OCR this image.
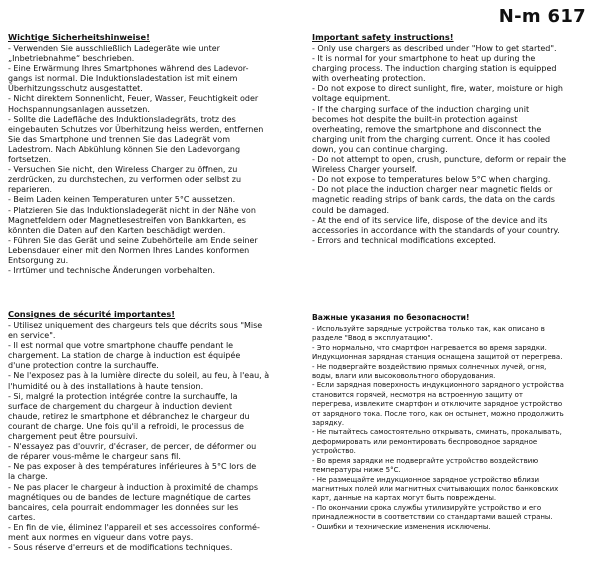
N-m 617
Wichtige Sicherheitshinweise!
- Verwenden Sie ausschließlich Ladegeräte wie unter
„Inbetriebnahme“ beschrieben.
- Eine Erwärmung Ihres Smartphones während des Ladevor-
gangs ist normal. Die Induktionsladestation ist mit einem
Überhitzungsschutz ausgestattet.
- Nicht direktem Sonnenlicht, Feuer, Wasser, Feuchtigkeit oder
Hochspannungsanlagen aussetzen.
- Sollte die Ladefläche des Induktionsladegräts, trotz des
eingebauten Schutzes vor Überhitzung heiss werden, entfernen
Sie das Smartphone und trennen Sie das Ladegrät vom
Ladestrom. Nach Abkühlung können Sie den Ladevorgang
fortsetzen.
- Versuchen Sie nicht, den Wireless Charger zu öffnen, zu
zerdrücken, zu durchstechen, zu verformen oder selbst zu
reparieren.
- Beim Laden keinen Temperaturen unter 5°C aussetzen.
- Platzieren Sie das Induktionsladegerät nicht in der Nähe von
Magnetfeldern oder Magnetlesestreifen von Bankkarten, es
könnten die Daten auf den Karten beschädigt werden.
- Führen Sie das Gerät und seine Zubehörteile am Ende seiner
Lebensdauer einer mit den Normen Ihres Landes konformen
Entsorgung zu.
- Irrtümer und technische Änderungen vorbehalten.
Important safety instructions!
- Only use chargers as described under "How to get started".
- It is normal for your smartphone to heat up during the
charging process. The induction charging station is equipped
with overheating protection.
- Do not expose to direct sunlight, fire, water, moisture or high
voltage equipment.
- If the charging surface of the induction charging unit
becomes hot despite the built-in protection against
overheating, remove the smartphone and disconnect the
charging unit from the charging current. Once it has cooled
down, you can continue charging.
- Do not attempt to open, crush, puncture, deform or repair the
Wireless Charger yourself.
- Do not expose to temperatures below 5°C when charging.
- Do not place the induction charger near magnetic fields or
magnetic reading strips of bank cards, the data on the cards
could be damaged.
- At the end of its service life, dispose of the device and its
accessories in accordance with the standards of your country.
- Errors and technical modifications excepted.
Consignes de sécurité importantes!
- Utilisez uniquement des chargeurs tels que décrits sous "Mise
en service".
- Il est normal que votre smartphone chauffe pendant le
chargement. La station de charge à induction est équipée
d'une protection contre la surchauffe.
- Ne l'exposez pas à la lumière directe du soleil, au feu, à l'eau, à
l'humidité ou à des installations à haute tension.
- Si, malgré la protection intégrée contre la surchauffe, la
surface de chargement du chargeur à induction devient
chaude, retirez le smartphone et débranchez le chargeur du
courant de charge. Une fois qu'il a refroidi, le processus de
chargement peut être poursuivi.
- N'essayez pas d'ouvrir, d'écraser, de percer, de déformer ou
de réparer vous-même le chargeur sans fil.
- Ne pas exposer à des températures inférieures à 5°C lors de
la charge.
- Ne pas placer le chargeur à induction à proximité de champs
magnétiques ou de bandes de lecture magnétique de cartes
bancaires, cela pourrait endommager les données sur les
cartes.
- En fin de vie, éliminez l'appareil et ses accessoires conformé-
ment aux normes en vigueur dans votre pays.
- Sous réserve d'erreurs et de modifications techniques.
Важные указания по безопасности!
- Используйте зарядные устройства только так, как описано в
разделе "Ввод в эксплуатацию".
- Это нормально, что смартфон нагревается во время зарядки.
Индукционная зарядная станция оснащена защитой от перегрева.
- Не подвергайте воздействию прямых солнечных лучей, огня,
воды, влаги или высоковольтного оборудования.
- Если зарядная поверхность индукционного зарядного устройства
становится горячей, несмотря на встроенную защиту от
перегрева, извлеките смартфон и отключите зарядное устройство
от зарядного тока. После того, как он остынет, можно продолжить
зарядку.
- Не пытайтесь самостоятельно открывать, сминать, прокалывать,
деформировать или ремонтировать беспроводное зарядное
устройство.
- Во время зарядки не подвергайте устройство воздействию
температуры ниже 5°C.
- Не размещайте индукционное зарядное устройство вблизи
магнитных полей или магнитных считывающих полос банковских
карт, данные на картах могут быть повреждены.
- По окончании срока службы утилизируйте устройство и его
принадлежности в соответствии со стандартами вашей страны.
- Ошибки и технические изменения исключены.
